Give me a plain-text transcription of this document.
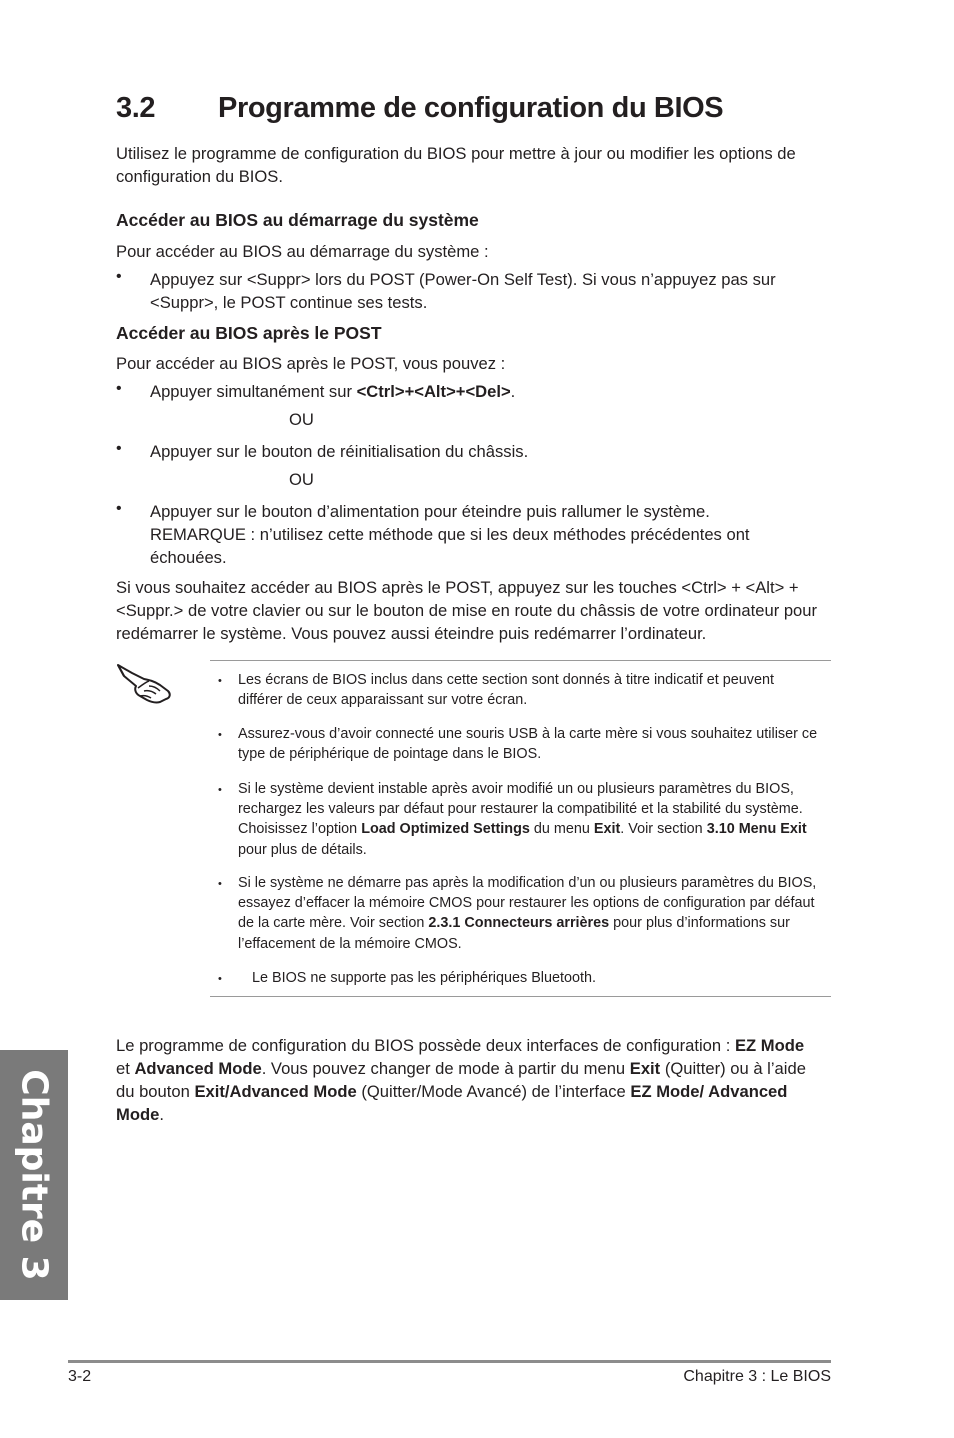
3.2 Programme de configuration du BIOS

Utilisez le programme de configuration du BIOS pour mettre à jour ou modifier les options de configuration du BIOS.

Accéder au BIOS au démarrage du système

Pour accéder au BIOS au démarrage du système :

•	Appuyez sur <Suppr> lors du POST (Power-On Self Test). Si vous n’appuyez pas sur <Suppr>, le POST continue ses tests.

Accéder au BIOS après le POST

Pour accéder au BIOS après le POST, vous pouvez :

•	Appuyer simultanément sur <Ctrl>+<Alt>+<Del>.

OU
•	Appuyer sur le bouton de réinitialisation du châssis.

OU
•	Appuyer sur le bouton d’alimentation pour éteindre puis rallumer le système. REMARQUE : n’utilisez cette méthode que si les deux méthodes précédentes ont échouées.

Si vous souhaitez accéder au BIOS après le POST, appuyez sur les touches <Ctrl> + <Alt> + <Suppr.> de votre clavier ou sur le bouton de mise en route du châssis de votre ordinateur pour redémarrer le système. Vous pouvez aussi éteindre puis redémarrer l’ordinateur.

• Les écrans de BIOS inclus dans cette section sont donnés à titre indicatif et peuvent différer de ceux apparaissant sur votre écran.

• Assurez-vous d’avoir connecté une souris USB à la carte mère si vous souhaitez utiliser ce type de périphérique de pointage dans le BIOS.

• Si le système devient instable après avoir modifié un ou plusieurs paramètres du BIOS, rechargez les valeurs par défaut pour restaurer la compatibilité et la stabilité du système. Choisissez l’option Load Optimized Settings du menu Exit. Voir section 3.10 Menu Exit pour plus de détails.

• Si le système ne démarre pas après la modification d’un ou plusieurs paramètres du BIOS, essayez d’effacer la mémoire CMOS pour restaurer les options de configuration par défaut de la carte mère. Voir section 2.3.1 Connecteurs arrières pour plus d’informations sur l’effacement de la mémoire CMOS.

• Le BIOS ne supporte pas les périphériques Bluetooth.

Le programme de configuration du BIOS possède deux interfaces de configuration : EZ Mode et Advanced Mode. Vous pouvez changer de mode à partir du menu Exit (Quitter) ou à l’aide du bouton Exit/Advanced Mode (Quitter/Mode Avancé) de l’interface EZ Mode/ Advanced Mode.

Chapitre 3
3-2	Chapitre 3 : Le BIOS
